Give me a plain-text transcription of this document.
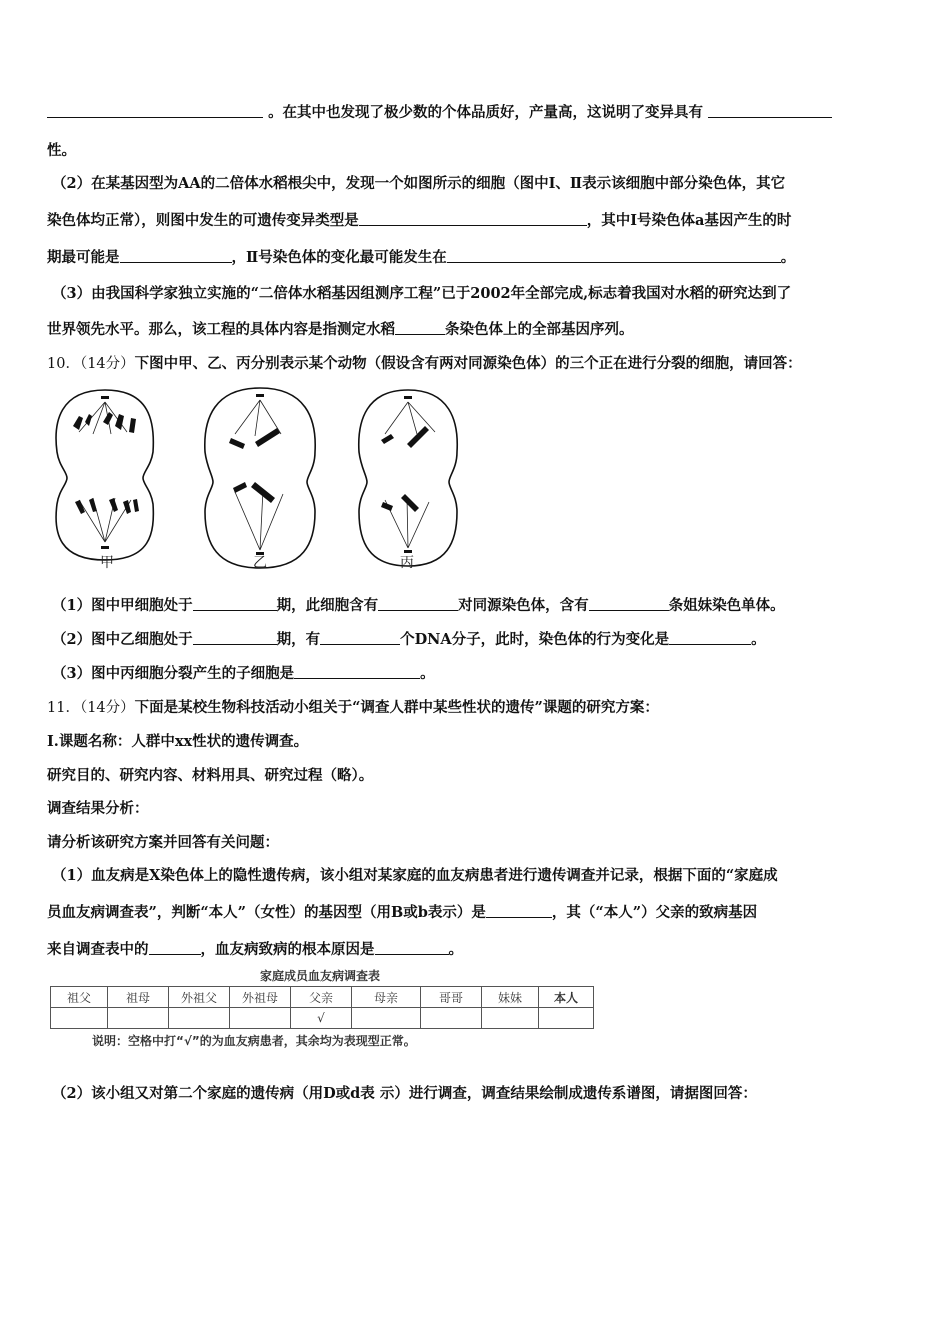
。在其中也发现了极少数的个体品质好，产量高，这说明了变异具有
性。
（2）在某基因型为AA的二倍体水稻根尖中，发现一个如图所示的细胞（图中Ⅰ、Ⅱ表示该细胞中部分染色体，其它
染色体均正常），则图中发生的可遗传变异类型是	，其中Ⅰ号染色体a基因产生的时
期最可能是	，Ⅱ号染色体的变化最可能发生在	。
（3）由我国科学家独立实施的“二倍体水稻基因组测序工程”已于2002年全部完成,标志着我国对水稻的研究达到了
世界领先水平。那么，该工程的具体内容是指测定水稻	条染色体上的全部基因序列。
10．（14分）下图中甲、乙、丙分别表示某个动物（假设含有两对同源染色体）的三个正在进行分裂的细胞，请回答：
甲	乙	丙
（1）图中甲细胞处于	期，此细胞含有	对同源染色体，含有	条姐妹染色单体。
（2）图中乙细胞处于	期，有	个DNA分子，此时，染色体的行为变化是	。
（3）图中丙细胞分裂产生的子细胞是	。
11．（14分）下面是某校生物科技活动小组关于“调查人群中某些性状的遗传”课题的研究方案：
I.课题名称：人群中xx性状的遗传调查。
研究目的、研究内容、材料用具、研究过程（略）。
调查结果分析：
请分析该研究方案并回答有关问题：
（1）血友病是X染色体上的隐性遗传病，该小组对某家庭的血友病患者进行遗传调查并记录，根据下面的“家庭成
员血友病调查表”，判断“本人”（女性）的基因型（用B或b表示）是	，其（“本人”）父亲的致病基因
来自调查表中的	，血友病致病的根本原因是	。
家庭成员血友病调查表
祖父	祖母	外祖父	外祖母	父亲	母亲	哥哥	妹妹	本人
				√				
说明：空格中打“√”的为血友病患者，其余均为表现型正常。
（2）该小组又对第二个家庭的遗传病（用D或d表 示）进行调查，调查结果绘制成遗传系谱图，请据图回答：
